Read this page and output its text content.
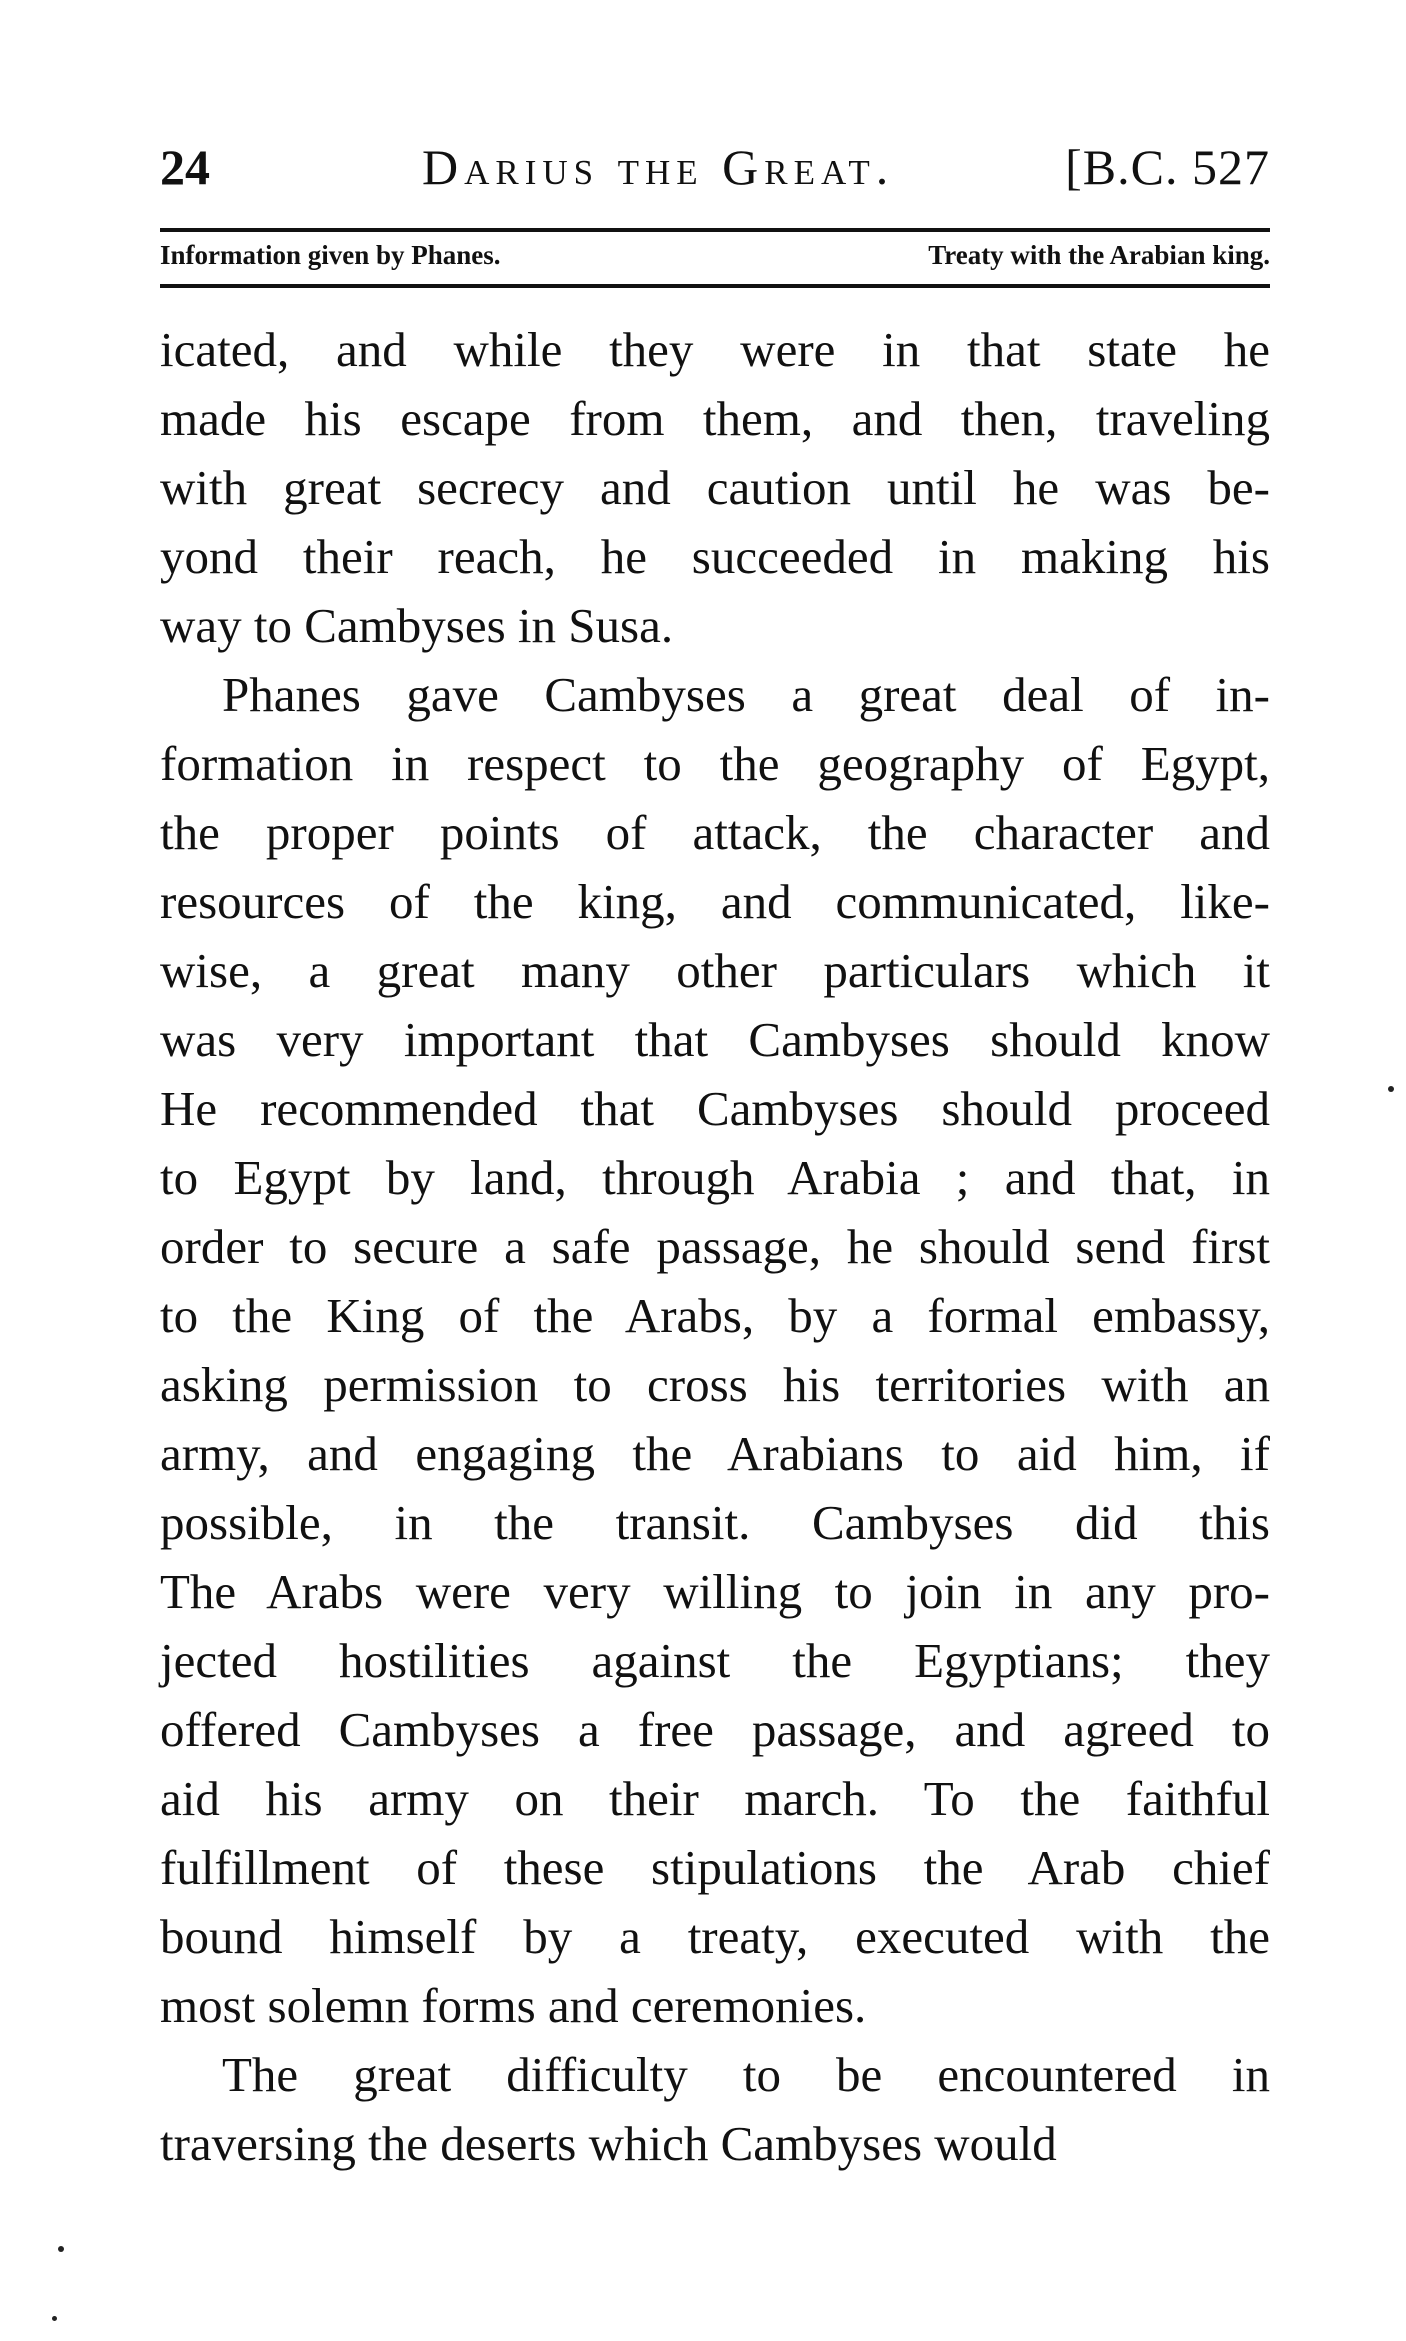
24	Darius the Great.	[B.C. 527
Information given by Phanes.	Treaty with the Arabian king.
icated, and while they were in that state he
made his escape from them, and then, traveling
with great secrecy and caution until he was be-
yond their reach, he succeeded in making his
way to Cambyses in Susa.
Phanes gave Cambyses a great deal of in-
formation in respect to the geography of Egypt,
the proper points of attack, the character and
resources of the king, and communicated, like-
wise, a great many other particulars which it
was very important that Cambyses should know
He recommended that Cambyses should proceed
to Egypt by land, through Arabia ; and that, in
order to secure a safe passage, he should send first
to the King of the Arabs, by a formal embassy,
asking permission to cross his territories with an
army, and engaging the Arabians to aid him, if
possible, in the transit. Cambyses did this
The Arabs were very willing to join in any pro-
jected hostilities against the Egyptians; they
offered Cambyses a free passage, and agreed to
aid his army on their march. To the faithful
fulfillment of these stipulations the Arab chief
bound himself by a treaty, executed with the
most solemn forms and ceremonies.
The great difficulty to be encountered in
traversing the deserts which Cambyses would
